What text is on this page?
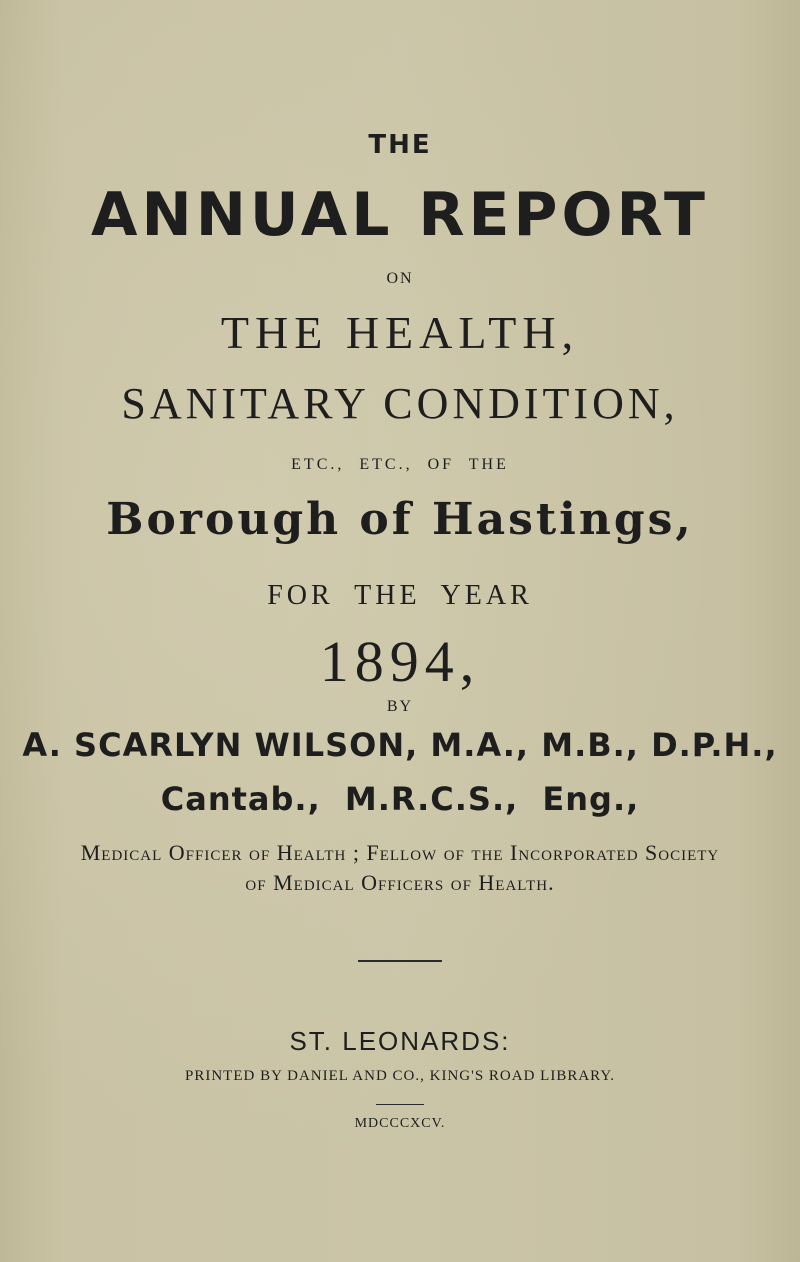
THE
ANNUAL REPORT
ON
THE HEALTH,
SANITARY CONDITION,
ETC., ETC., OF THE
Borough of Hastings,
FOR THE YEAR
1894,
BY
A. SCARLYN WILSON, M.A., M.B., D.P.H.,
Cantab., M.R.C.S., Eng.,
Medical Officer of Health ; Fellow of the Incorporated Society
of Medical Officers of Health.
ST. LEONARDS:
PRINTED BY DANIEL AND CO., KING'S ROAD LIBRARY.
MDCCCXCV.
